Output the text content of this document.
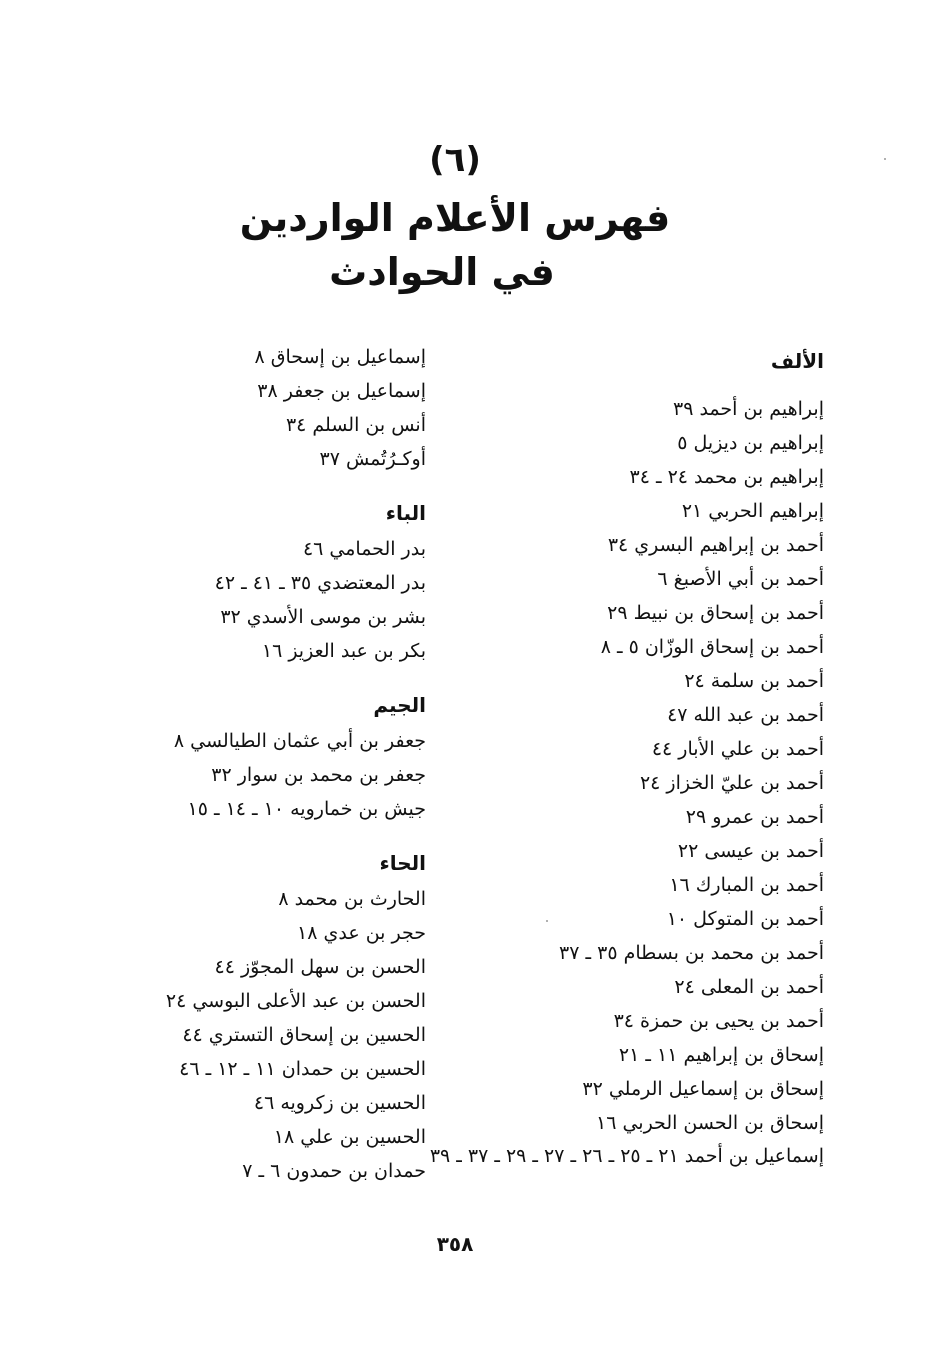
(٦)
فهرس الأعلام الواردين
في الحوادث
الألف
إبراهيم بن أحمد ٣٩
إبراهيم بن ديزيل ٥
إبراهيم بن محمد ٢٤ ـ ٣٤
إبراهيم الحربي ٢١
أحمد بن إبراهيم البسري ٣٤
أحمد بن أبي الأصبغ ٦
أحمد بن إسحاق بن نبيط ٢٩
أحمد بن إسحاق الوزّان ٥ ـ ٨
أحمد بن سلمة ٢٤
أحمد بن عبد الله ٤٧
أحمد بن علي الأبار ٤٤
أحمد بن عليّ الخزاز ٢٤
أحمد بن عمرو ٢٩
أحمد بن عيسى ٢٢
أحمد بن المبارك ١٦
أحمد بن المتوكل ١٠
أحمد بن محمد بن بسطام ٣٥ ـ ٣٧
أحمد بن المعلى ٢٤
أحمد بن يحيى بن حمزة ٣٤
إسحاق بن إبراهيم ١١ ـ ٢١
إسحاق بن إسماعيل الرملي ٣٢
إسحاق بن الحسن الحربي ١٦
إسماعيل بن أحمد ٢١ ـ ٢٥ ـ ٢٦ ـ ٢٧ ـ ٢٩ ـ ٣٧ ـ ٣٩
إسماعيل بن إسحاق ٨
إسماعيل بن جعفر ٣٨
أنس بن السلم ٣٤
أوكـرُتُمش ٣٧
الباء
بدر الحمامي ٤٦
بدر المعتضدي ٣٥ ـ ٤١ ـ ٤٢
بشر بن موسى الأسدي ٣٢
بكر بن عبد العزيز ١٦
الجيم
جعفر بن أبي عثمان الطيالسي ٨
جعفر بن محمد بن سوار ٣٢
جيش بن خمارويه ١٠ ـ ١٤ ـ ١٥
الحاء
الحارث بن محمد ٨
حجر بن عدي ١٨
الحسن بن سهل المجوّز ٤٤
الحسن بن عبد الأعلى البوسي ٢٤
الحسين بن إسحاق التستري ٤٤
الحسين بن حمدان ١١ ـ ١٢ ـ ٤٦
الحسين بن زكرويه ٤٦
الحسين بن علي ١٨
حمدان بن حمدون ٦ ـ ٧
٣٥٨
